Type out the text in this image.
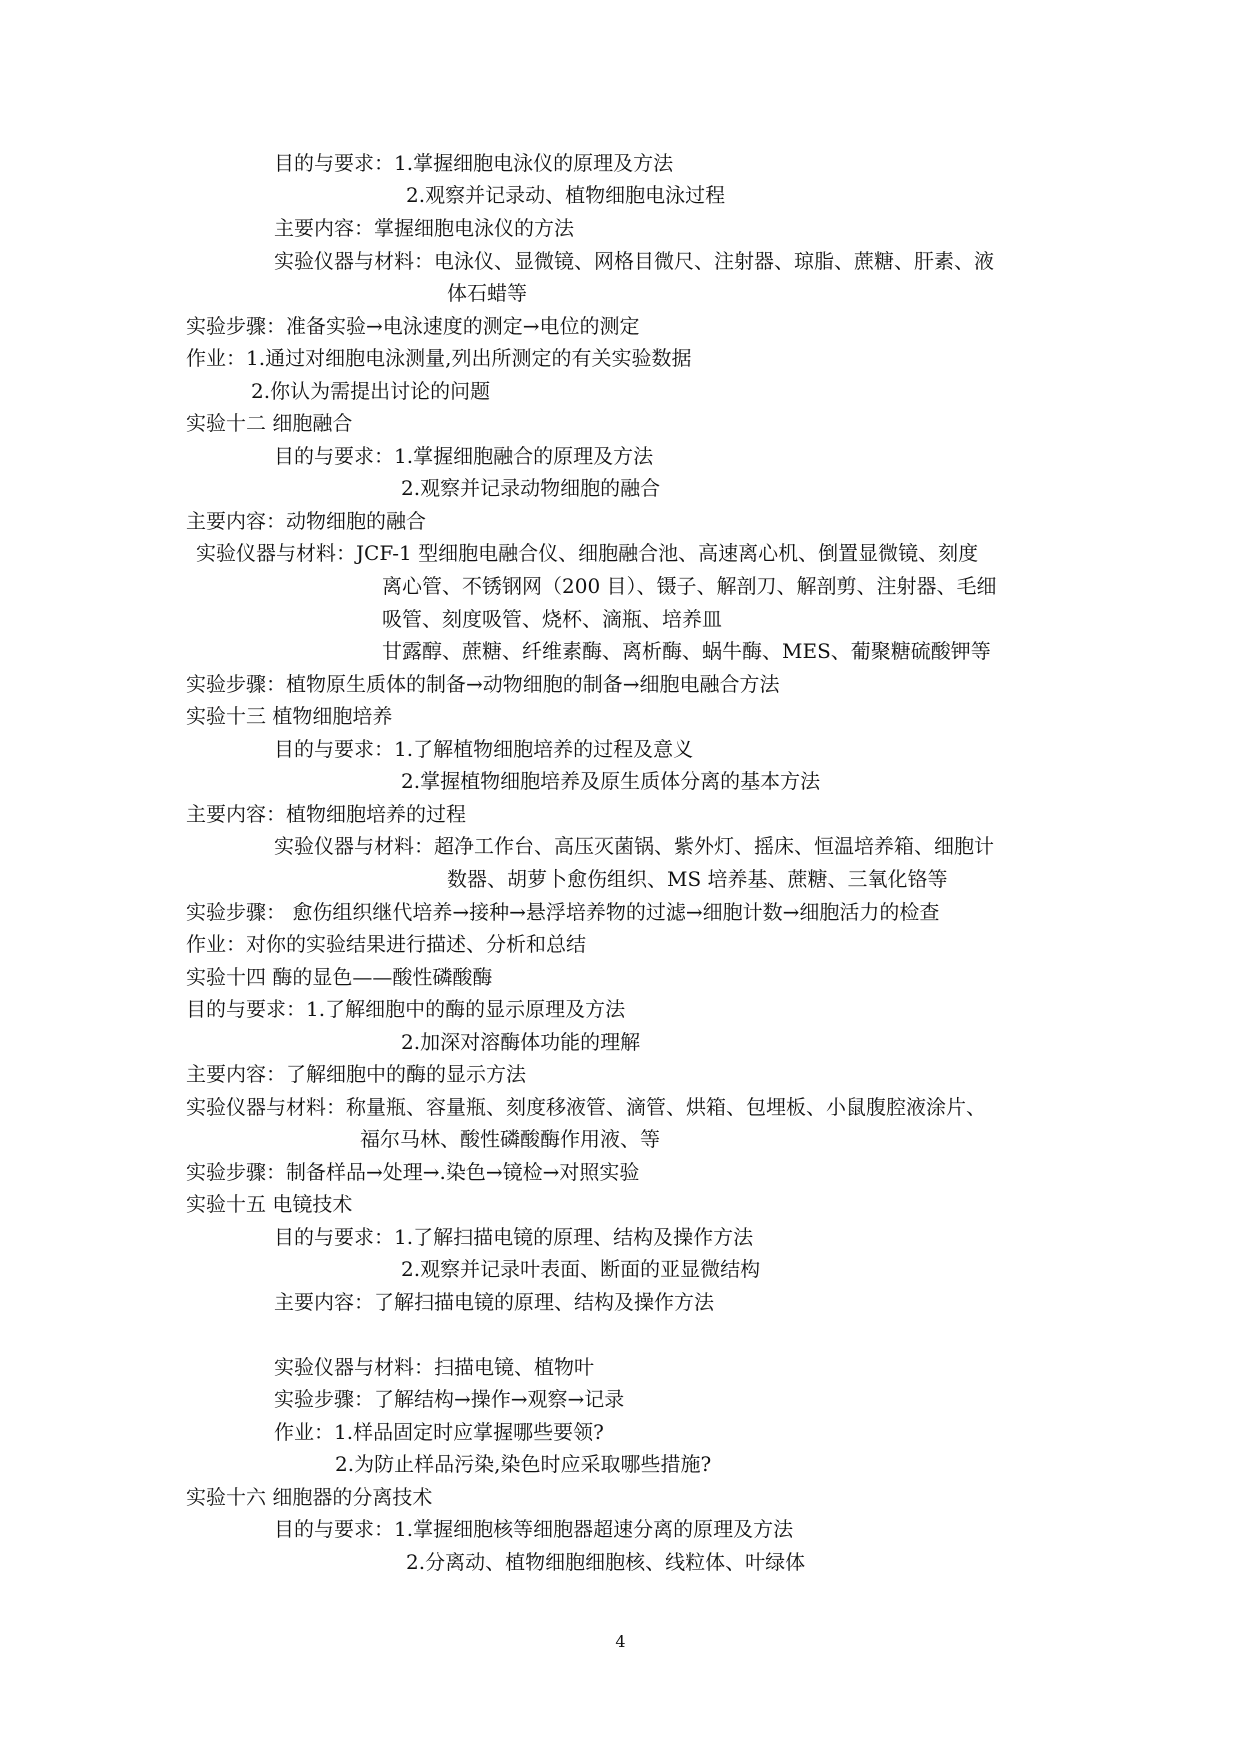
目的与要求：1.掌握细胞电泳仪的原理及方法
2.观察并记录动、植物细胞电泳过程
主要内容：掌握细胞电泳仪的方法
实验仪器与材料：电泳仪、显微镜、网格目微尺、注射器、琼脂、蔗糖、肝素、液
体石蜡等
实验步骤：准备实验→电泳速度的测定→电位的测定
作业：1.通过对细胞电泳测量,列出所测定的有关实验数据
2.你认为需提出讨论的问题
实验十二 细胞融合
目的与要求：1.掌握细胞融合的原理及方法
2.观察并记录动物细胞的融合
主要内容：动物细胞的融合
实验仪器与材料：JCF-1 型细胞电融合仪、细胞融合池、高速离心机、倒置显微镜、刻度
离心管、不锈钢网（200 目）、镊子、解剖刀、解剖剪、注射器、毛细
吸管、刻度吸管、烧杯、滴瓶、培养皿
甘露醇、蔗糖、纤维素酶、离析酶、蜗牛酶、MES、葡聚糖硫酸钾等
实验步骤：植物原生质体的制备→动物细胞的制备→细胞电融合方法
实验十三 植物细胞培养
目的与要求：1.了解植物细胞培养的过程及意义
2.掌握植物细胞培养及原生质体分离的基本方法
主要内容：植物细胞培养的过程
实验仪器与材料：超净工作台、高压灭菌锅、紫外灯、摇床、恒温培养箱、细胞计
数器、胡萝卜愈伤组织、MS 培养基、蔗糖、三氧化铬等
实验步骤： 愈伤组织继代培养→接种→悬浮培养物的过滤→细胞计数→细胞活力的检查
作业：对你的实验结果进行描述、分析和总结
实验十四 酶的显色——酸性磷酸酶
目的与要求：1.了解细胞中的酶的显示原理及方法
2.加深对溶酶体功能的理解
主要内容：了解细胞中的酶的显示方法
实验仪器与材料：称量瓶、容量瓶、刻度移液管、滴管、烘箱、包埋板、小鼠腹腔液涂片、
福尔马林、酸性磷酸酶作用液、等
实验步骤：制备样品→处理→.染色→镜检→对照实验
实验十五 电镜技术
目的与要求：1.了解扫描电镜的原理、结构及操作方法
2.观察并记录叶表面、断面的亚显微结构
主要内容：了解扫描电镜的原理、结构及操作方法
实验仪器与材料：扫描电镜、植物叶
实验步骤：了解结构→操作→观察→记录
作业：1.样品固定时应掌握哪些要领?
2.为防止样品污染,染色时应采取哪些措施?
实验十六 细胞器的分离技术
目的与要求：1.掌握细胞核等细胞器超速分离的原理及方法
2.分离动、植物细胞细胞核、线粒体、叶绿体
4
